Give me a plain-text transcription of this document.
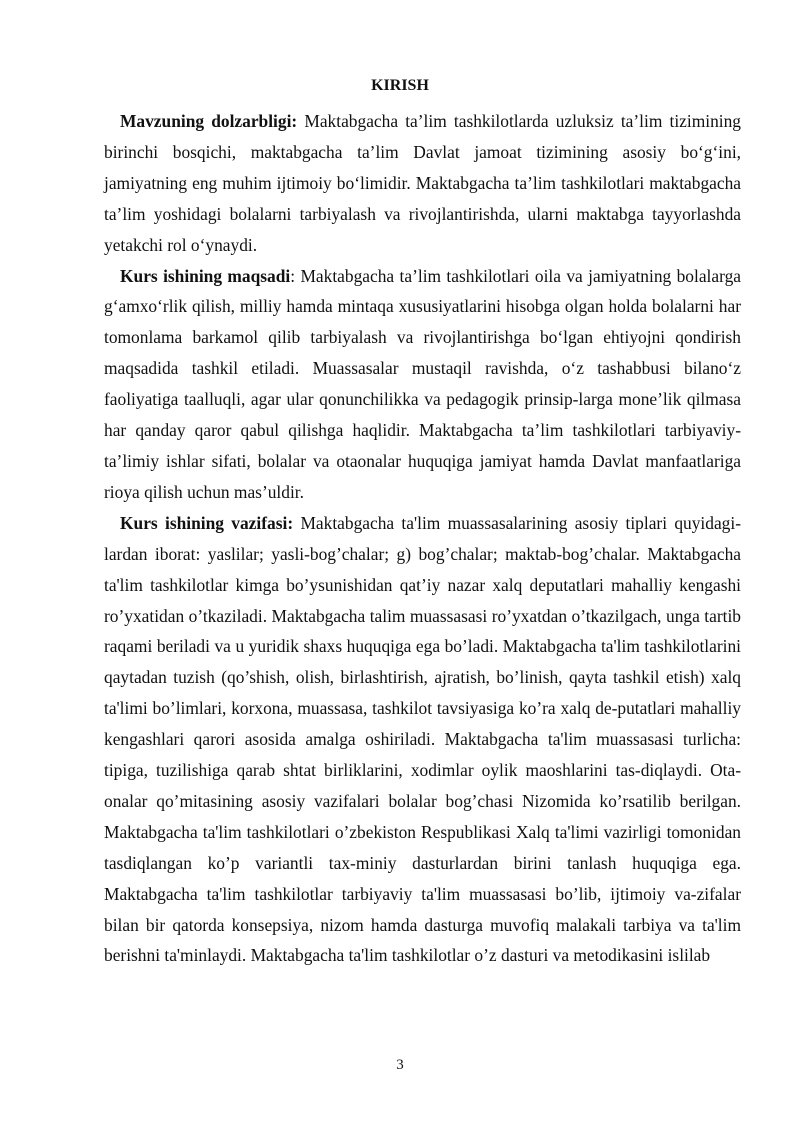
KIRISH

Mavzuning dolzarbligi: Maktabgacha ta’lim tashkilotlarda uzluksiz ta’lim tizimining birinchi bosqichi, maktabgacha ta’lim Davlat jamoat tizimining asosiy bo‘g‘ini, jamiyatning eng muhim ijtimoiy bo‘limidir. Maktabgacha ta’lim tashkilotlari maktabgacha ta’lim yoshidagi bolalarni tarbiyalash va rivojlantirishda, ularni maktabga tayyorlashda yetakchi rol o‘ynaydi.

Kurs ishining maqsadi: Maktabgacha ta’lim tashkilotlari oila va jamiyatning bolalarga g‘amxo‘rlik qilish, milliy hamda mintaqa xususiyatlarini hisobga olgan holda bolalarni har tomonlama barkamol qilib tarbiyalash va rivojlantirishga bo‘lgan ehtiyojni qondirish maqsadida tashkil etiladi. Muassasalar mustaqil ravishda, o‘z tashabbusi bilano‘z faoliyatiga taalluqli, agar ular qonunchilikka va pedagogik prinsip-larga mone’lik qilmasa har qanday qaror qabul qilishga haqlidir. Maktabgacha ta’lim tashkilotlari tarbiyaviy-ta’limiy ishlar sifati, bolalar va otaonalar huquqiga jamiyat hamda Davlat manfaatlariga rioya qilish uchun mas’uldir.

Kurs ishining vazifasi: Maktabgacha ta'lim muassasalarining asosiy tiplari quyidagi-lardan iborat: yaslilar; yasli-bog’chalar; g) bog’chalar; maktab-bog’chalar. Maktabgacha ta'lim tashkilotlar kimga bo’ysunishidan qat’iy nazar xalq deputatlari mahalliy kengashi ro’yxatidan o’tkaziladi. Maktabgacha talim muassasasi ro’yxatdan o’tkazilgach, unga tartib raqami beriladi va u yuridik shaxs huquqiga ega bo’ladi. Maktabgacha ta'lim tashkilotlarini qaytadan tuzish (qo’shish, olish, birlashtirish, ajratish, bo’linish, qayta tashkil etish) xalq ta'limi bo’limlari, korxona, muassasa, tashkilot tavsiyasiga ko’ra xalq de-putatlari mahalliy kengashlari qarori asosida amalga oshiriladi. Maktabgacha ta'lim muassasasi turlicha: tipiga, tuzilishiga qarab shtat birliklarini, xodimlar oylik maoshlarini tas-diqlaydi. Ota-onalar qo’mitasining asosiy vazifalari bolalar bog’chasi Nizomida ko’rsatilib berilgan. Maktabgacha ta'lim tashkilotlari o’zbekiston Respublikasi Xalq ta'limi vazirligi tomonidan tasdiqlangan ko’p variantli tax-miniy dasturlardan birini tanlash huquqiga ega. Maktabgacha ta'lim tashkilotlar tarbiyaviy ta'lim muassasasi bo’lib, ijtimoiy va-zifalar bilan bir qatorda konsepsiya, nizom hamda dasturga muvofiq malakali tarbiya va ta'lim berishni ta'minlaydi. Maktabgacha ta'lim tashkilotlar o’z dasturi va metodikasini islilab

3
